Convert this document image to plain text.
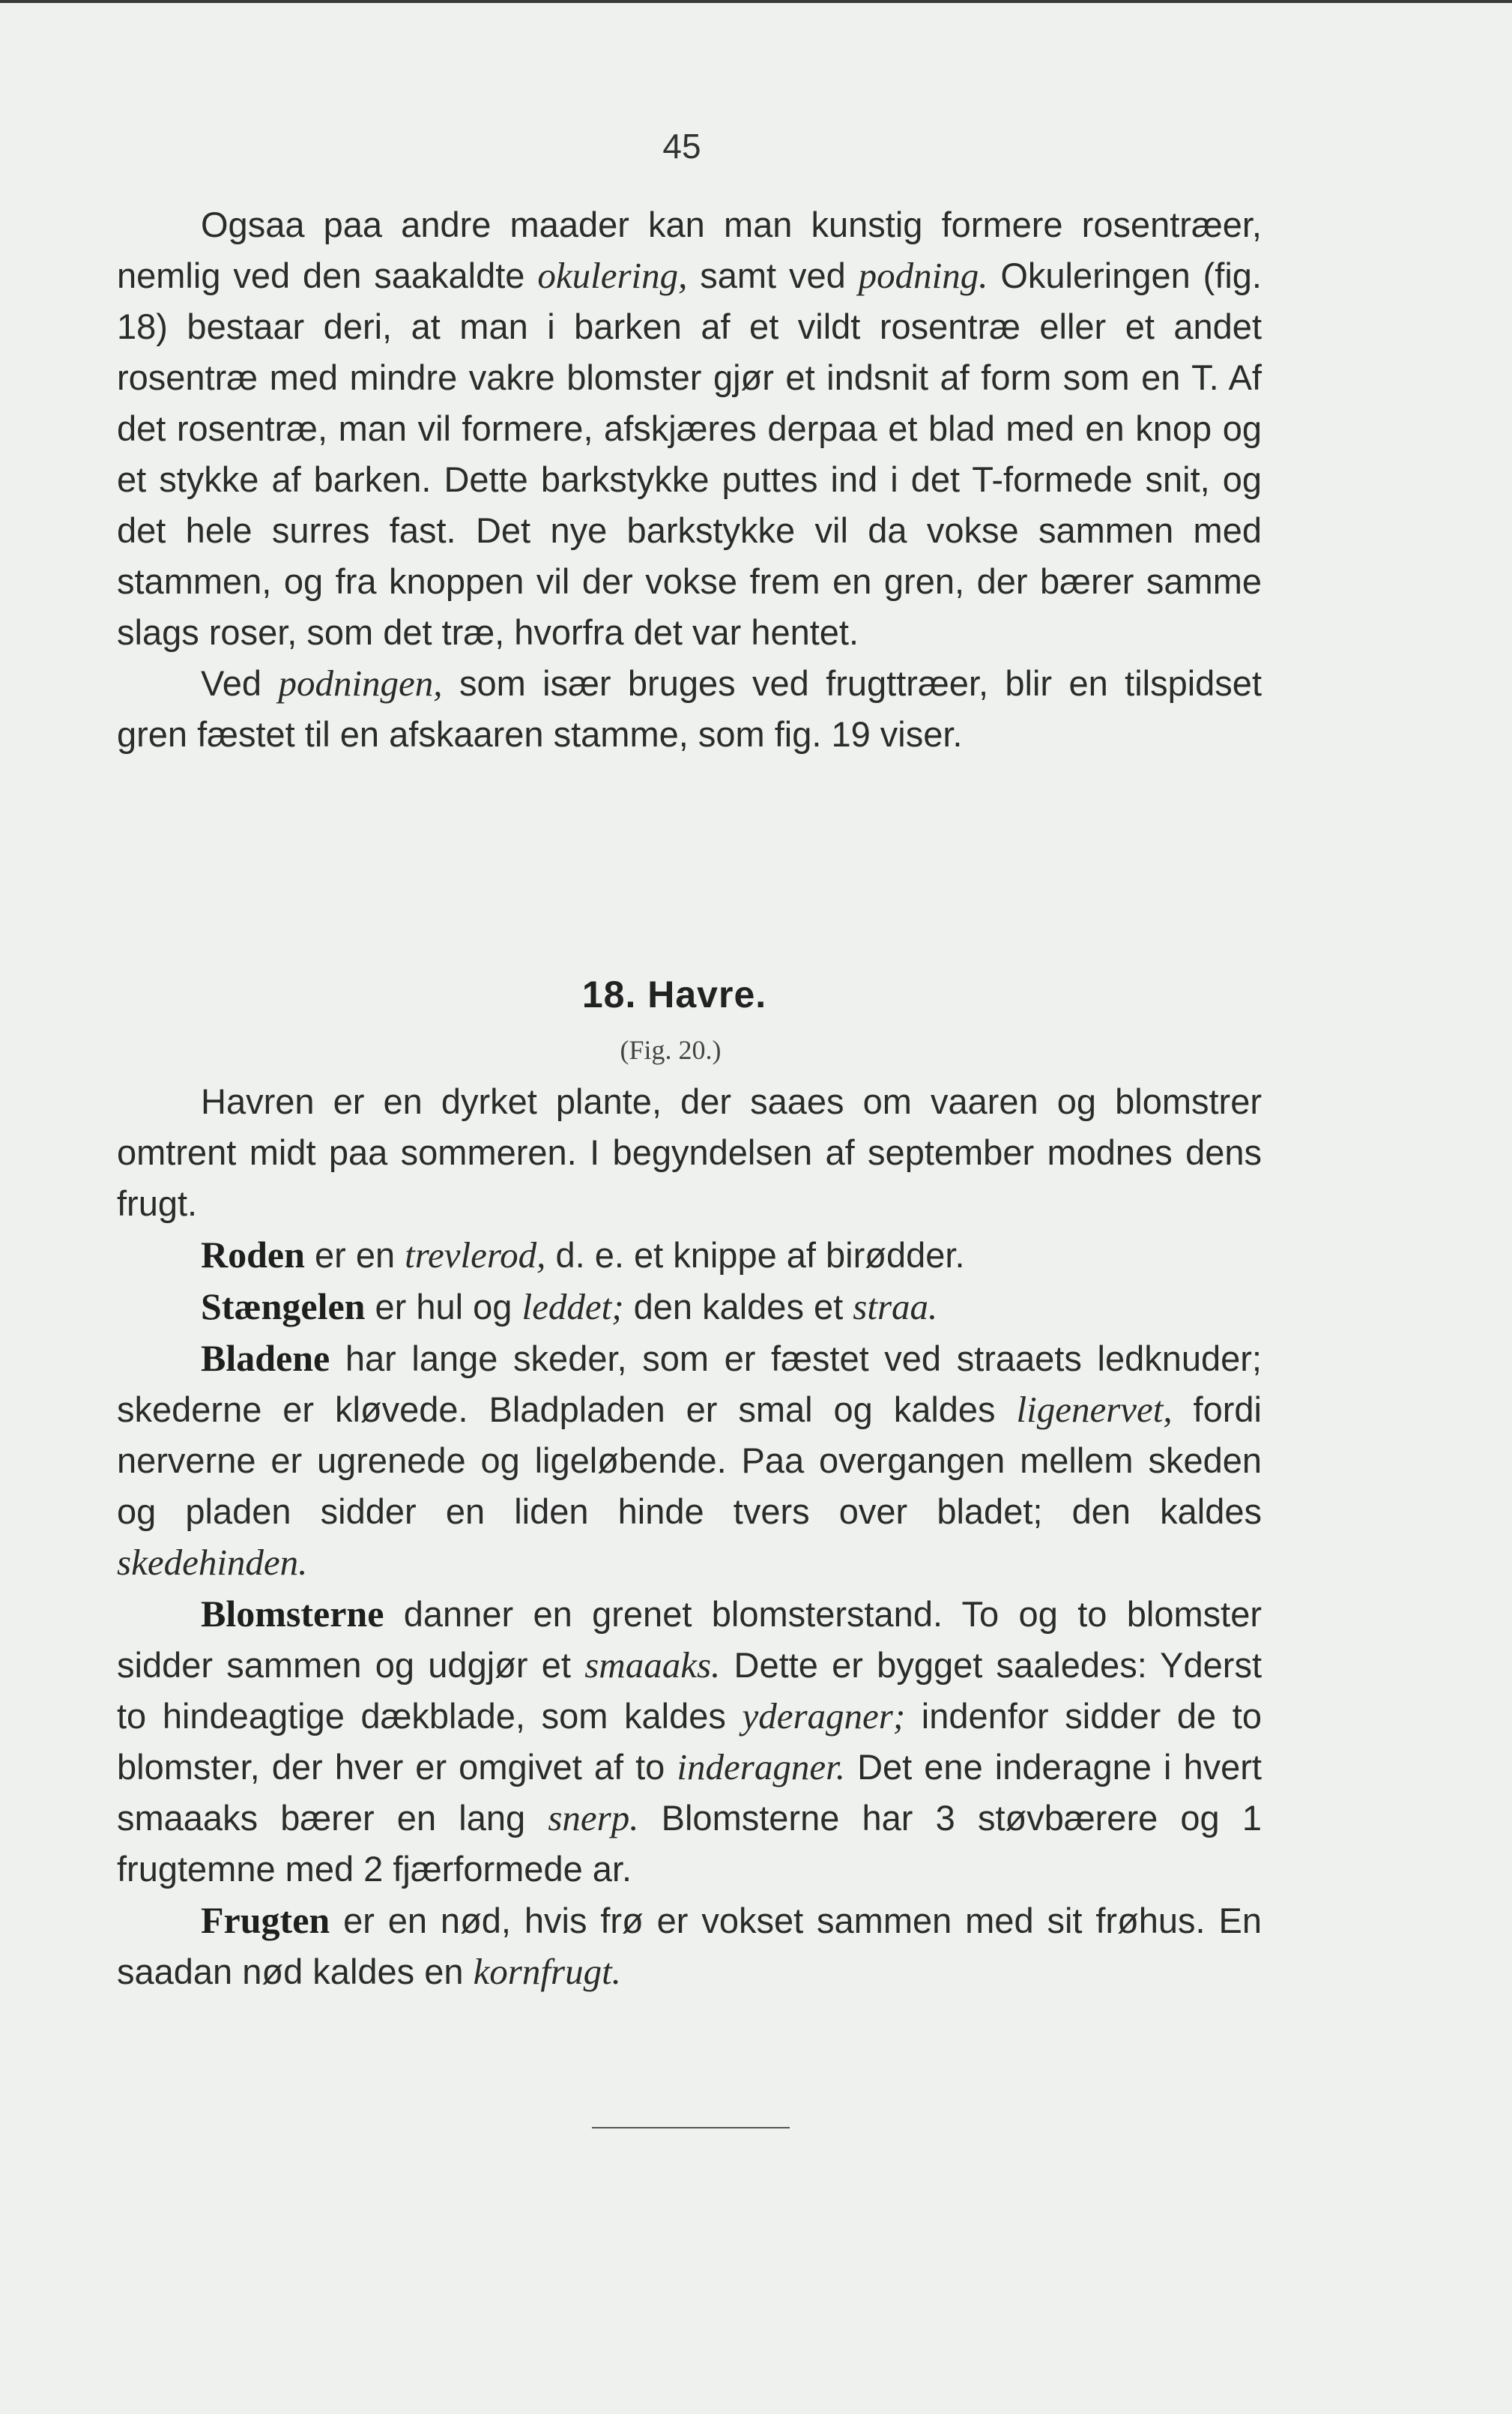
45

Ogsaa paa andre maader kan man kunstig formere rosentræer, nemlig ved den saakaldte okulering, samt ved podning. Okuleringen (fig. 18) bestaar deri, at man i barken af et vildt rosentræ eller et andet rosentræ med mindre vakre blomster gjør et indsnit af form som en T. Af det rosentræ, man vil formere, afskjæres derpaa et blad med en knop og et stykke af barken. Dette barkstykke puttes ind i det T-formede snit, og det hele surres fast. Det nye barkstykke vil da vokse sammen med stammen, og fra knoppen vil der vokse frem en gren, der bærer samme slags roser, som det træ, hvorfra det var hentet.

Ved podningen, som især bruges ved frugttræer, blir en tilspidset gren fæstet til en afskaaren stamme, som fig. 19 viser.

18. Havre.
(Fig. 20.)

Havren er en dyrket plante, der saaes om vaaren og blomstrer omtrent midt paa sommeren. I begyndelsen af september modnes dens frugt.

Roden er en trevlerod, d. e. et knippe af birødder.

Stængelen er hul og leddet; den kaldes et straa.

Bladene har lange skeder, som er fæstet ved straaets ledknuder; skederne er kløvede. Bladpladen er smal og kaldes ligenervet, fordi nerverne er ugrenede og ligeløbende. Paa overgangen mellem skeden og pladen sidder en liden hinde tvers over bladet; den kaldes skedehinden.

Blomsterne danner en grenet blomsterstand. To og to blomster sidder sammen og udgjør et smaaaks. Dette er bygget saaledes: Yderst to hindeagtige dækblade, som kaldes yderagner; indenfor sidder de to blomster, der hver er omgivet af to inderagner. Det ene inderagne i hvert smaaaks bærer en lang snerp. Blomsterne har 3 støvbærere og 1 frugtemne med 2 fjærformede ar.

Frugten er en nød, hvis frø er vokset sammen med sit frøhus. En saadan nød kaldes en kornfrugt.
